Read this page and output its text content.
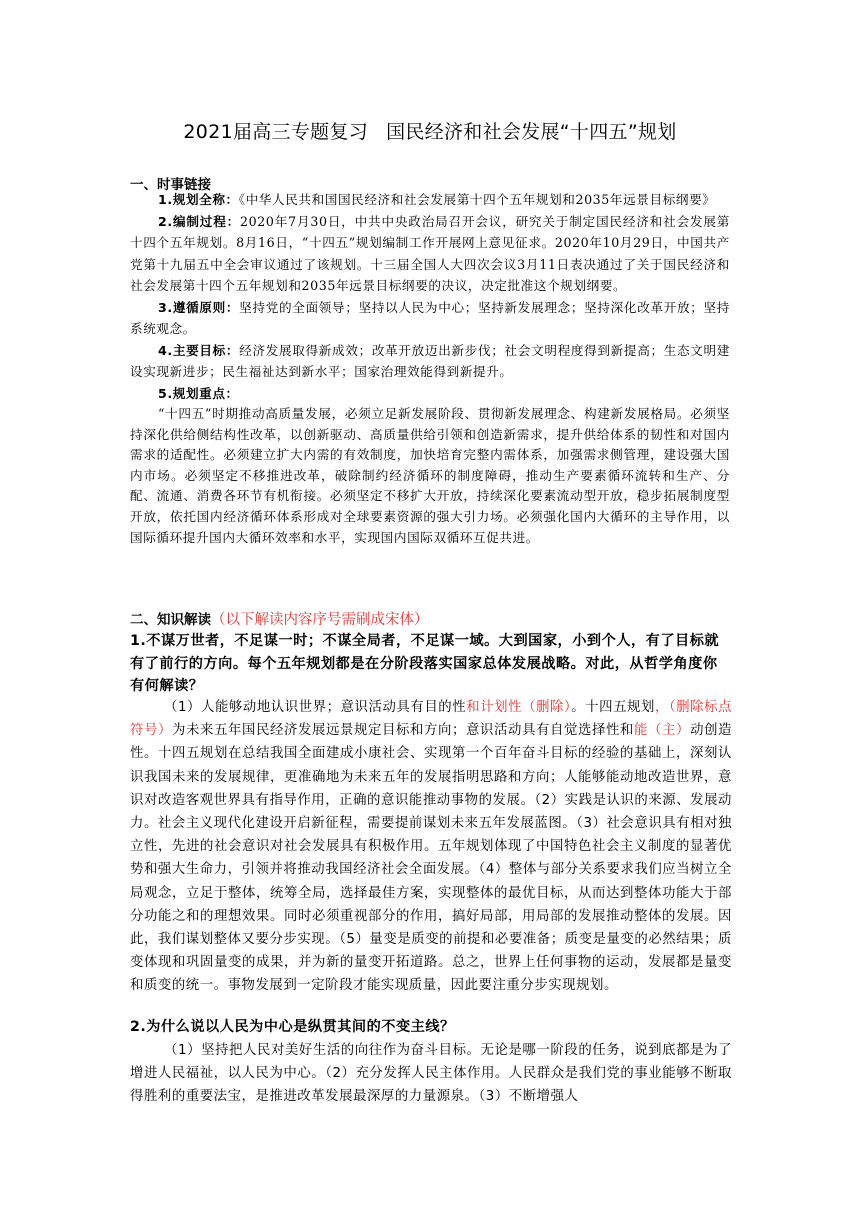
2021届高三专题复习 国民经济和社会发展“十四五”规划
一、时事链接
1.规划全称：《中华人民共和国国民经济和社会发展第十四个五年规划和2035年远景目标纲要》
2.编制过程：2020年7月30日，中共中央政治局召开会议，研究关于制定国民经济和社会发展第十四个五年规划。8月16日，“十四五”规划编制工作开展网上意见征求。2020年10月29日，中国共产党第十九届五中全会审议通过了该规划。十三届全国人大四次会议3月11日表决通过了关于国民经济和社会发展第十四个五年规划和2035年远景目标纲要的决议，决定批准这个规划纲要。
3.遵循原则：坚持党的全面领导；坚持以人民为中心；坚持新发展理念；坚持深化改革开放；坚持系统观念。
4.主要目标：经济发展取得新成效；改革开放迈出新步伐；社会文明程度得到新提高；生态文明建设实现新进步；民生福祉达到新水平；国家治理效能得到新提升。
5.规划重点：
“十四五”时期推动高质量发展，必须立足新发展阶段、贯彻新发展理念、构建新发展格局。必须坚持深化供给侧结构性改革，以创新驱动、高质量供给引领和创造新需求，提升供给体系的韧性和对国内需求的适配性。必须建立扩大内需的有效制度，加快培育完整内需体系，加强需求侧管理，建设强大国内市场。必须坚定不移推进改革，破除制约经济循环的制度障碍，推动生产要素循环流转和生产、分配、流通、消费各环节有机衔接。必须坚定不移扩大开放，持续深化要素流动型开放，稳步拓展制度型开放，依托国内经济循环体系形成对全球要素资源的强大引力场。必须强化国内大循环的主导作用，以国际循环提升国内大循环效率和水平，实现国内国际双循环互促共进。
二、知识解读（以下解读内容序号需刷成宋体）
1.不谋万世者，不足谋一时；不谋全局者，不足谋一域。大到国家，小到个人，有了目标就有了前行的方向。每个五年规划都是在分阶段落实国家总体发展战略。对此，从哲学角度你有何解读？
（1）人能够动地认识世界；意识活动具有目的性和计划性（删除）。十四五规划，（删除标点符号）为未来五年国民经济发展远景规定目标和方向；意识活动具有自觉选择性和能（主）动创造性。十四五规划在总结我国全面建成小康社会、实现第一个百年奋斗目标的经验的基础上，深刻认识我国未来的发展规律，更准确地为未来五年的发展指明思路和方向；人能够能动地改造世界，意识对改造客观世界具有指导作用，正确的意识能推动事物的发展。（2）实践是认识的来源、发展动力。社会主义现代化建设开启新征程，需要提前谋划未来五年发展蓝图。（3）社会意识具有相对独立性，先进的社会意识对社会发展具有积极作用。五年规划体现了中国特色社会主义制度的显著优势和强大生命力，引领并将推动我国经济社会全面发展。（4）整体与部分关系要求我们应当树立全局观念，立足于整体，统筹全局，选择最佳方案，实现整体的最优目标，从而达到整体功能大于部分功能之和的理想效果。同时必须重视部分的作用，搞好局部，用局部的发展推动整体的发展。因此，我们谋划整体又要分步实现。（5）量变是质变的前提和必要准备；质变是量变的必然结果；质变体现和巩固量变的成果，并为新的量变开拓道路。总之，世界上任何事物的运动，发展都是量变和质变的统一。事物发展到一定阶段才能实现质量，因此要注重分步实现规划。
2.为什么说以人民为中心是纵贯其间的不变主线？
（1）坚持把人民对美好生活的向往作为奋斗目标。无论是哪一阶段的任务，说到底都是为了增进人民福祉，以人民为中心。（2）充分发挥人民主体作用。人民群众是我们党的事业能够不断取得胜利的重要法宝，是推进改革发展最深厚的力量源泉。（3）不断增强人
